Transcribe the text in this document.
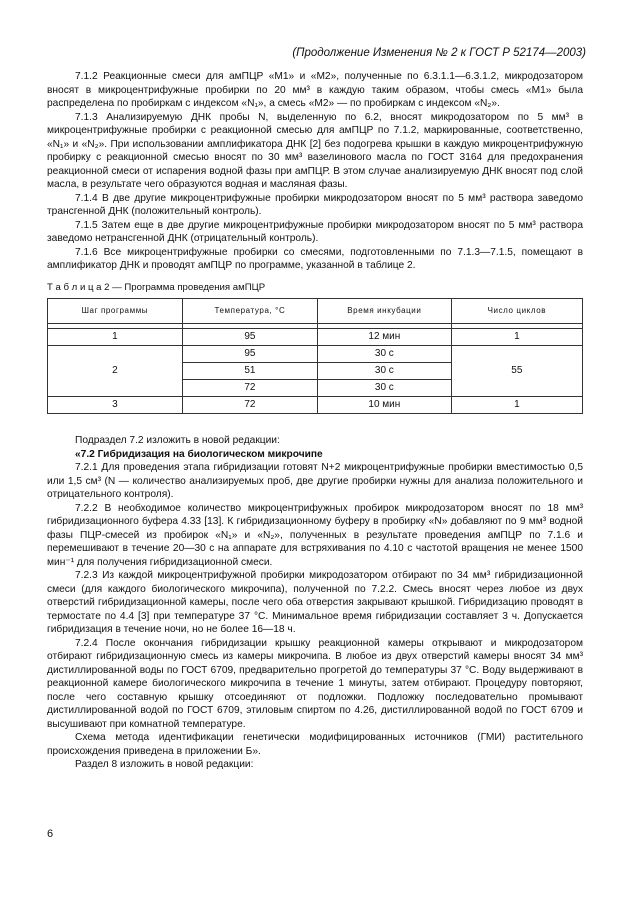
(Продолжение Изменения № 2 к ГОСТ Р 52174—2003)

7.1.2 Реакционные смеси для амПЦР «М1» и «М2», полученные по 6.3.1.1—6.3.1.2, микродозатором вносят в микроцентрифужные пробирки по 20 мм³ в каждую таким образом, чтобы смесь «М1» была распределена по пробиркам с индексом «N₁», а смесь «М2» — по пробиркам с индексом «N₂».

7.1.3 Анализируемую ДНК пробы N, выделенную по 6.2, вносят микродозатором по 5 мм³ в микроцентрифужные пробирки с реакционной смесью для амПЦР по 7.1.2, маркированные, соответственно, «N₁» и «N₂». При использовании амплификатора ДНК [2] без подогрева крышки в каждую микроцентрифужную пробирку с реакционной смесью вносят по 30 мм³ вазелинового масла по ГОСТ 3164 для предохранения реакционной смеси от испарения водной фазы при амПЦР. В этом случае анализируемую ДНК вносят под слой масла, в результате чего образуются водная и масляная фазы.

7.1.4 В две другие микроцентрифужные пробирки микродозатором вносят по 5 мм³ раствора заведомо трансгенной ДНК (положительный контроль).

7.1.5 Затем еще в две другие микроцентрифужные пробирки микродозатором вносят по 5 мм³ раствора заведомо нетрансгенной ДНК (отрицательный контроль).

7.1.6 Все микроцентрифужные пробирки со смесями, подготовленными по 7.1.3—7.1.5, помещают в амплификатор ДНК и проводят амПЦР по программе, указанной в таблице 2.

Т а б л и ц а 2 — Программа проведения амПЦР

Шаг программы	Температура, °С	Время инкубации	Число циклов

1	95	12 мин	1
2	95	30 с	55
	51	30 с	
	72	30 с	
3	72	10 мин	1

Подраздел 7.2 изложить в новой редакции:

«7.2 Гибридизация на биологическом микрочипе

7.2.1 Для проведения этапа гибридизации готовят N+2 микроцентрифужные пробирки вместимостью 0,5 или 1,5 см³ (N — количество анализируемых проб, две другие пробирки нужны для анализа положительного и отрицательного контроля).

7.2.2 В необходимое количество микроцентрифужных пробирок микродозатором вносят по 18 мм³ гибридизационного буфера 4.33 [13]. К гибридизационному буферу в пробирку «N» добавляют по 9 мм³ водной фазы ПЦР-смесей из пробирок «N₁» и «N₂», полученных в результате проведения амПЦР по 7.1.6 и перемешивают в течение 20—30 с на аппарате для встряхивания по 4.10 с частотой вращения не менее 1500 мин⁻¹ для получения гибридизационной смеси.

7.2.3 Из каждой микроцентрифужной пробирки микродозатором отбирают по 34 мм³ гибридизационной смеси (для каждого биологического микрочипа), полученной по 7.2.2. Смесь вносят через любое из двух отверстий гибридизационной камеры, после чего оба отверстия закрывают крышкой. Гибридизацию проводят в термостате по 4.4 [3] при температуре 37 °С. Минимальное время гибридизации составляет 3 ч. Допускается гибридизация в течение ночи, но не более 16—18 ч.

7.2.4 После окончания гибридизации крышку реакционной камеры открывают и микродозатором отбирают гибридизационную смесь из камеры микрочипа. В любое из двух отверстий камеры вносят 34 мм³ дистиллированной воды по ГОСТ 6709, предварительно прогретой до температуры 37 °С. Воду выдерживают в реакционной камере биологического микрочипа в течение 1 минуты, затем отбирают. Процедуру повторяют, после чего составную крышку отсоединяют от подложки. Подложку последовательно промывают дистиллированной водой по ГОСТ 6709, этиловым спиртом по 4.26, дистиллированной водой по ГОСТ 6709 и высушивают при комнатной температуре.

Схема метода идентификации генетически модифицированных источников (ГМИ) растительного происхождения приведена в приложении Б».

Раздел 8 изложить в новой редакции:

6
